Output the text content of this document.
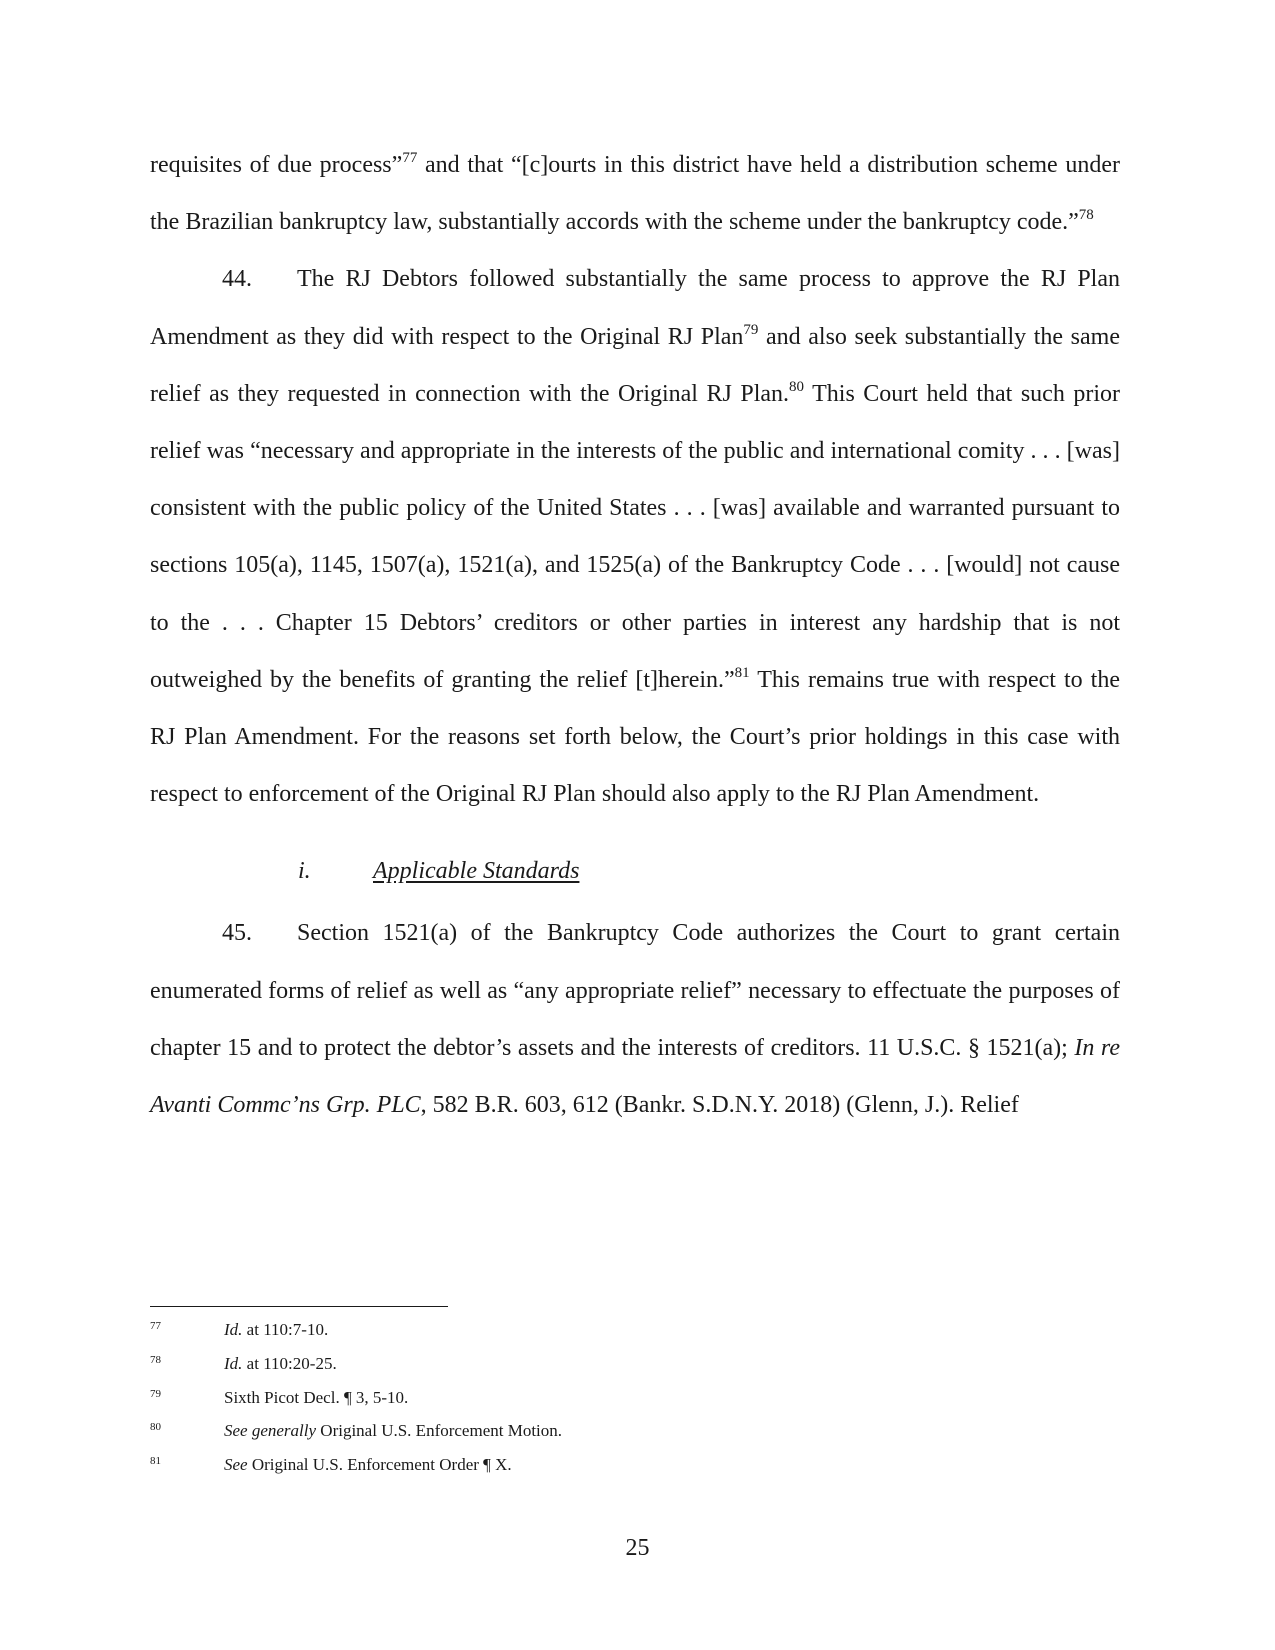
requisites of due process”$^{77}$ and that “[c]ourts in this district have held a distribution scheme under the Brazilian bankruptcy law, substantially accords with the scheme under the bankruptcy code.”$^{78}$

44. The RJ Debtors followed substantially the same process to approve the RJ Plan Amendment as they did with respect to the Original RJ Plan$^{79}$ and also seek substantially the same relief as they requested in connection with the Original RJ Plan.$^{80}$ This Court held that such prior relief was “necessary and appropriate in the interests of the public and international comity . . . [was] consistent with the public policy of the United States . . . [was] available and warranted pursuant to sections 105(a), 1145, 1507(a), 1521(a), and 1525(a) of the Bankruptcy Code . . . [would] not cause to the . . . Chapter 15 Debtors’ creditors or other parties in interest any hardship that is not outweighed by the benefits of granting the relief [t]herein.”$^{81}$ This remains true with respect to the RJ Plan Amendment. For the reasons set forth below, the Court’s prior holdings in this case with respect to enforcement of the Original RJ Plan should also apply to the RJ Plan Amendment.

i.	Applicable Standards

45. Section 1521(a) of the Bankruptcy Code authorizes the Court to grant certain enumerated forms of relief as well as “any appropriate relief” necessary to effectuate the purposes of chapter 15 and to protect the debtor’s assets and the interests of creditors. 11 U.S.C. § 1521(a); In re Avanti Commc’ns Grp. PLC, 582 B.R. 603, 612 (Bankr. S.D.N.Y. 2018) (Glenn, J.). Relief

77	Id. at 110:7-10.
78	Id. at 110:20-25.
79	Sixth Picot Decl. ¶ 3, 5-10.
80	See generally Original U.S. Enforcement Motion.
81	See Original U.S. Enforcement Order ¶ X.
25
